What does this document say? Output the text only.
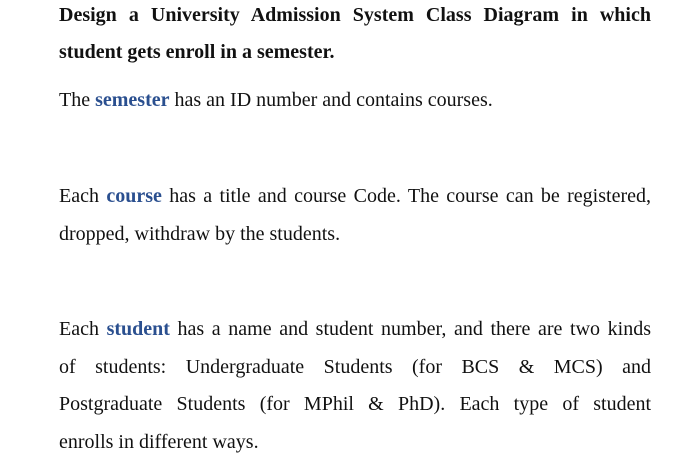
Design a University Admission System Class Diagram in which
student gets enroll in a semester.
The semester has an ID number and contains courses.
Each course has a title and course Code. The course can be registered,
dropped, withdraw by the students.
Each student has a name and student number, and there are two kinds
of students: Undergraduate Students (for BCS & MCS) and
Postgraduate Students (for MPhil & PhD). Each type of student
enrolls in different ways.
